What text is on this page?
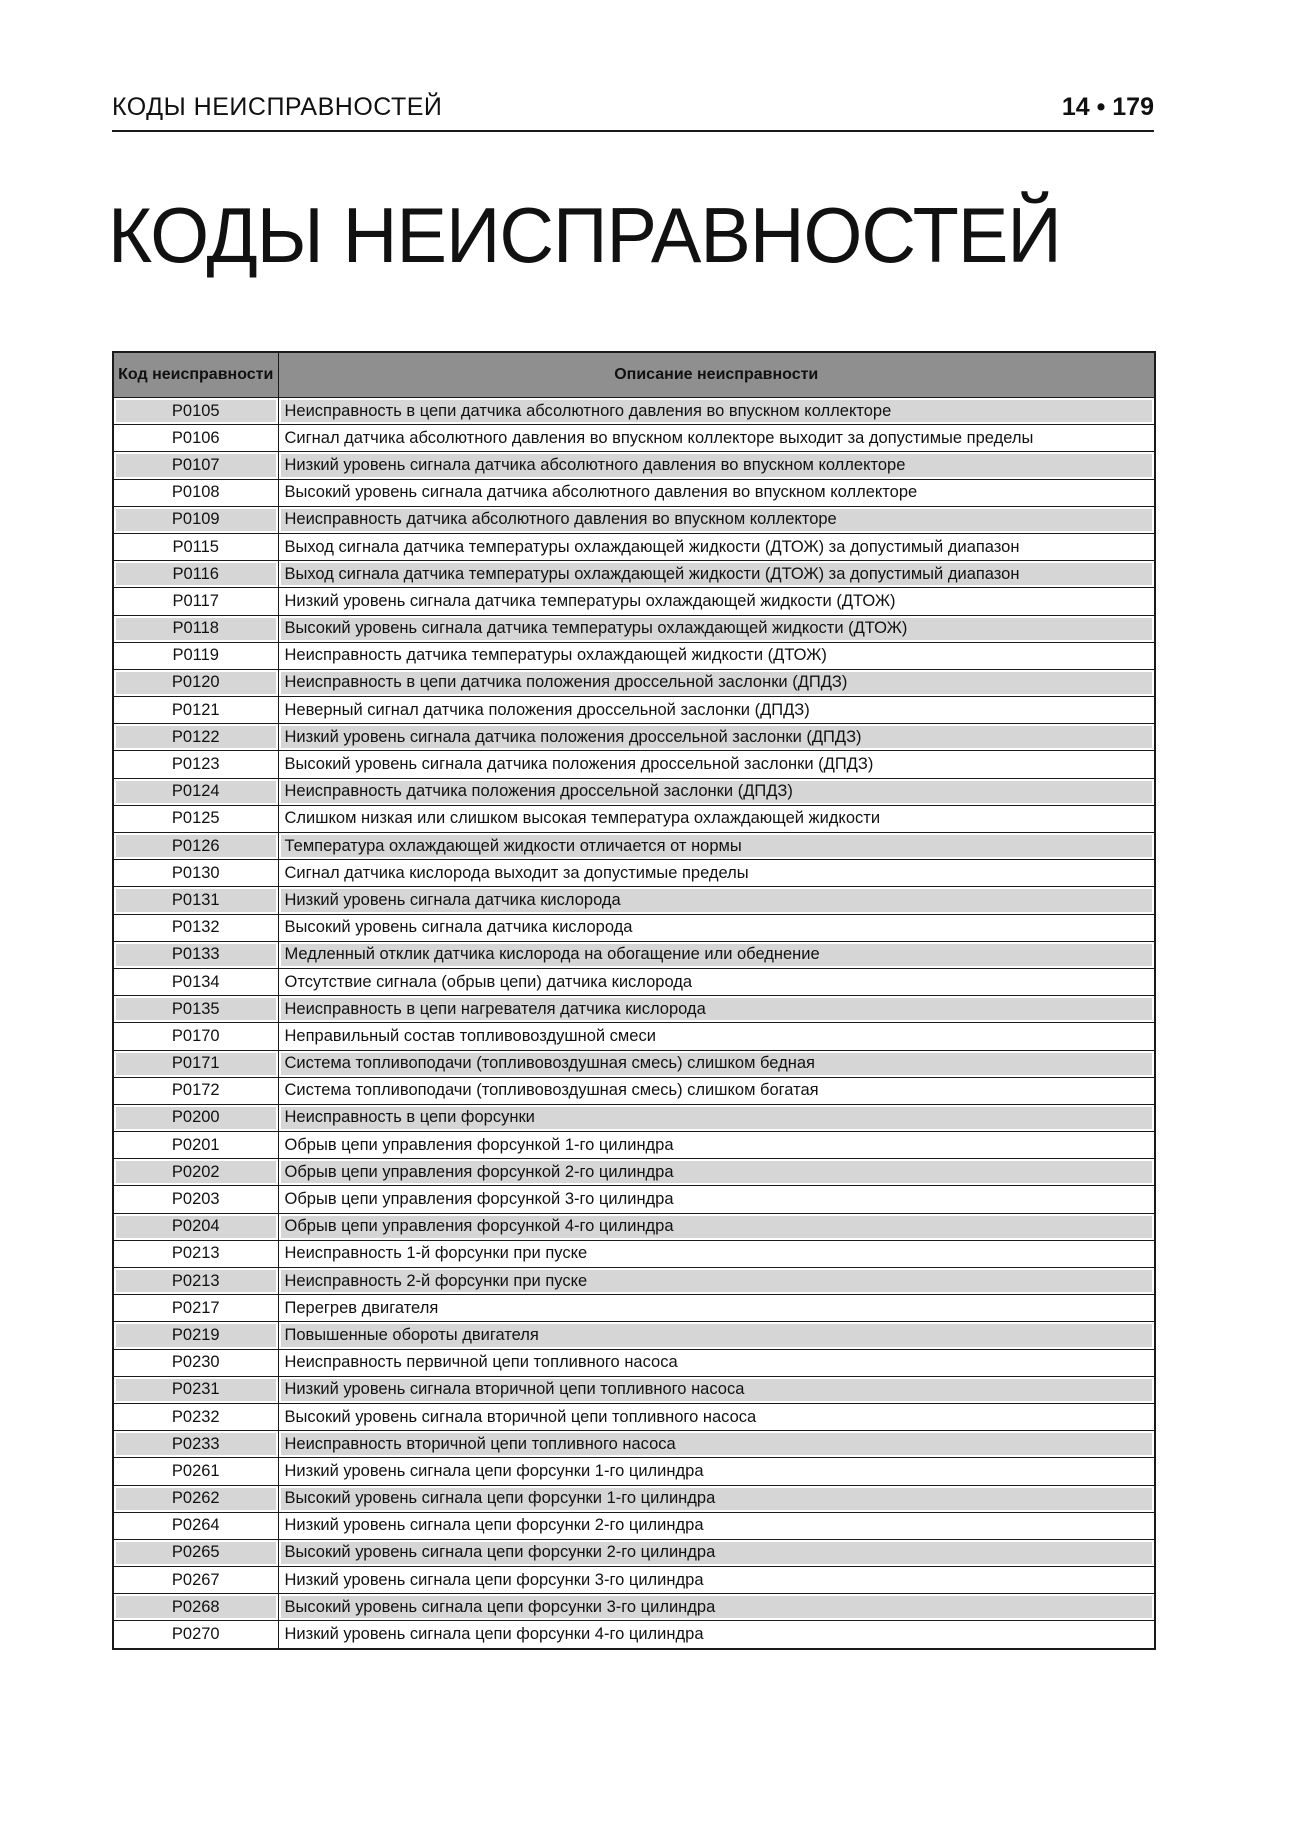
КОДЫ НЕИСПРАВНОСТЕЙ	14 • 179
КОДЫ НЕИСПРАВНОСТЕЙ
Код неисправности	Описание неисправности
P0105	Неисправность в цепи датчика абсолютного давления во впускном коллекторе
P0106	Сигнал датчика абсолютного давления во впускном коллекторе выходит за допустимые пределы
P0107	Низкий уровень сигнала датчика абсолютного давления во впускном коллекторе
P0108	Высокий уровень сигнала датчика абсолютного давления во впускном коллекторе
P0109	Неисправность датчика абсолютного давления во впускном коллекторе
P0115	Выход сигнала датчика температуры охлаждающей жидкости (ДТОЖ) за допустимый диапазон
P0116	Выход сигнала датчика температуры охлаждающей жидкости (ДТОЖ) за допустимый диапазон
P0117	Низкий уровень сигнала датчика температуры охлаждающей жидкости (ДТОЖ)
P0118	Высокий уровень сигнала датчика температуры охлаждающей жидкости (ДТОЖ)
P0119	Неисправность датчика температуры охлаждающей жидкости (ДТОЖ)
P0120	Неисправность в цепи датчика положения дроссельной заслонки (ДПДЗ)
P0121	Неверный сигнал датчика положения дроссельной заслонки (ДПДЗ)
P0122	Низкий уровень сигнала датчика положения дроссельной заслонки (ДПДЗ)
P0123	Высокий уровень сигнала датчика положения дроссельной заслонки (ДПДЗ)
P0124	Неисправность датчика положения дроссельной заслонки (ДПДЗ)
P0125	Слишком низкая или слишком высокая температура охлаждающей жидкости
P0126	Температура охлаждающей жидкости отличается от нормы
P0130	Сигнал датчика кислорода выходит за допустимые пределы
P0131	Низкий уровень сигнала датчика кислорода
P0132	Высокий уровень сигнала датчика кислорода
P0133	Медленный отклик датчика кислорода на обогащение или обеднение
P0134	Отсутствие сигнала (обрыв цепи) датчика кислорода
P0135	Неисправность в цепи нагревателя датчика кислорода
P0170	Неправильный состав топливовоздушной смеси
P0171	Система топливоподачи (топливовоздушная смесь) слишком бедная
P0172	Система топливоподачи (топливовоздушная смесь) слишком богатая
P0200	Неисправность в цепи форсунки
P0201	Обрыв цепи управления форсункой 1-го цилиндра
P0202	Обрыв цепи управления форсункой 2-го цилиндра
P0203	Обрыв цепи управления форсункой 3-го цилиндра
P0204	Обрыв цепи управления форсункой 4-го цилиндра
P0213	Неисправность 1-й форсунки при пуске
P0213	Неисправность 2-й форсунки при пуске
P0217	Перегрев двигателя
P0219	Повышенные обороты двигателя
P0230	Неисправность первичной цепи топливного насоса
P0231	Низкий уровень сигнала вторичной цепи топливного насоса
P0232	Высокий уровень сигнала вторичной цепи топливного насоса
P0233	Неисправность вторичной цепи топливного насоса
P0261	Низкий уровень сигнала цепи форсунки 1-го цилиндра
P0262	Высокий уровень сигнала цепи форсунки 1-го цилиндра
P0264	Низкий уровень сигнала цепи форсунки 2-го цилиндра
P0265	Высокий уровень сигнала цепи форсунки 2-го цилиндра
P0267	Низкий уровень сигнала цепи форсунки 3-го цилиндра
P0268	Высокий уровень сигнала цепи форсунки 3-го цилиндра
P0270	Низкий уровень сигнала цепи форсунки 4-го цилиндра
